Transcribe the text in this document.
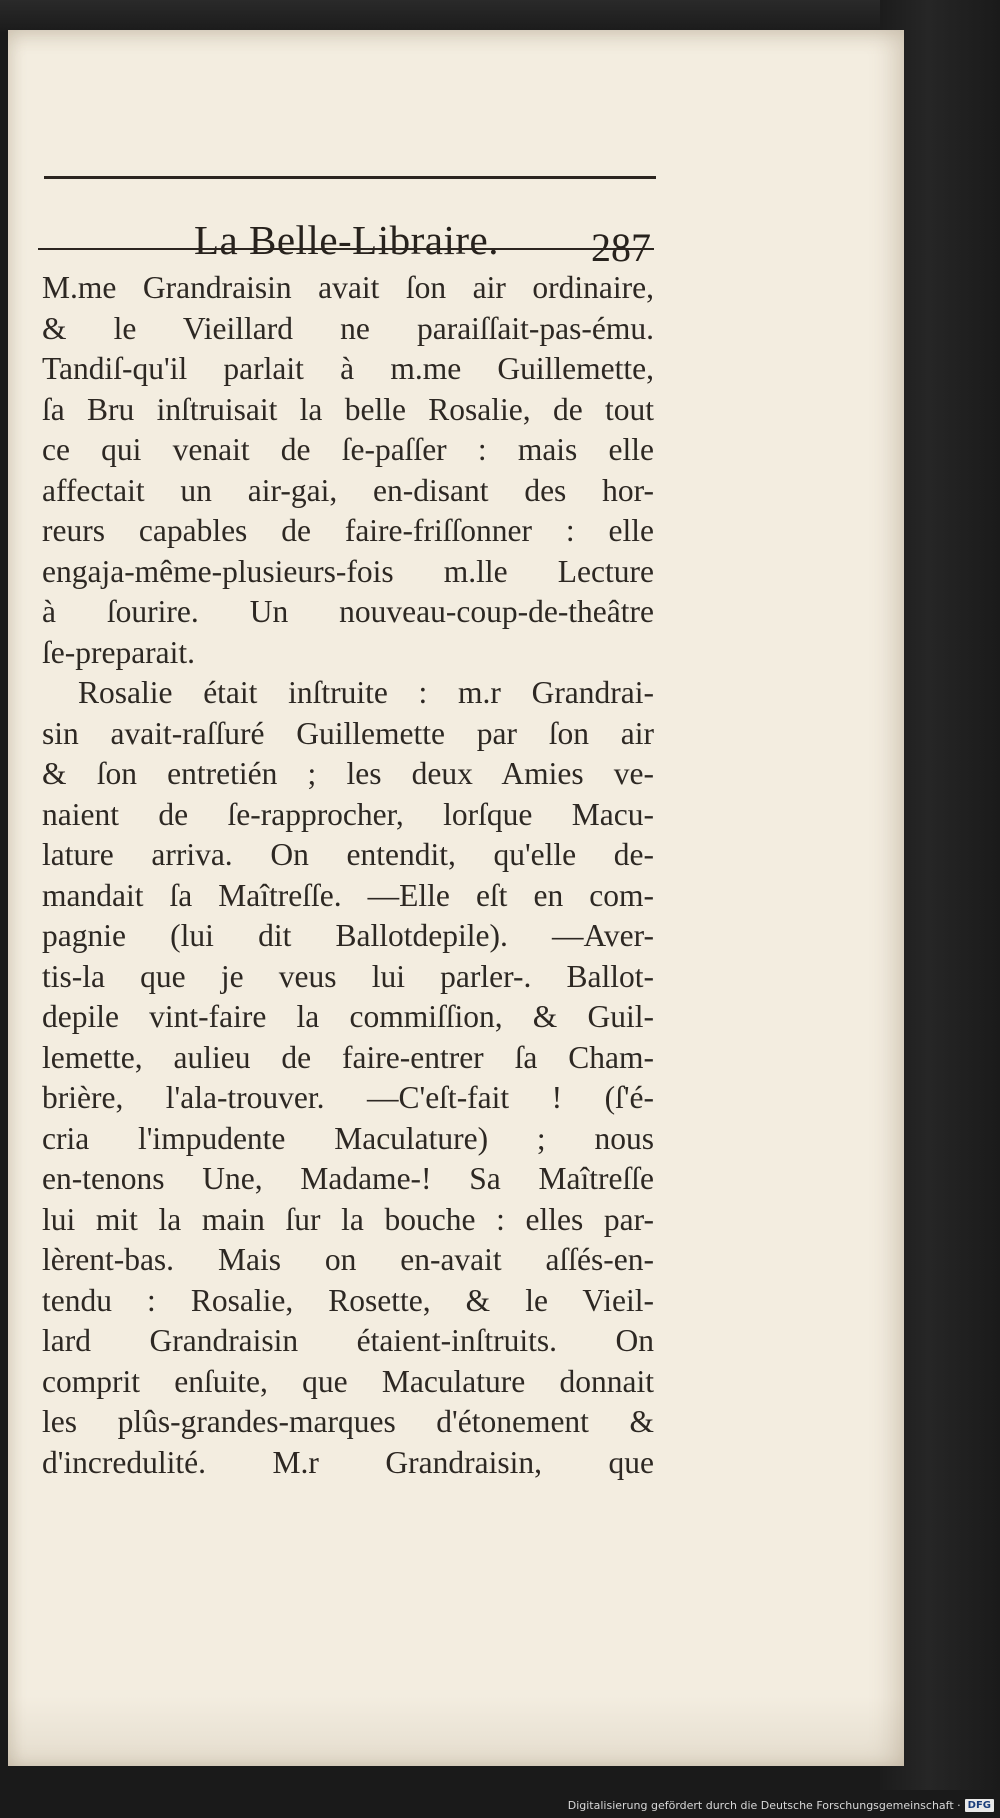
La Belle-Libraire. 287
M.me Grandraisin avait ſon air ordinaire,
& le Vieillard ne paraiſſait-pas-ému.
Tandiſ-qu'il parlait à m.me Guillemette,
ſa Bru inſtruisait la belle Rosalie, de tout
ce qui venait de ſe-paſſer : mais elle
affectait un air-gai, en-disant des hor-
reurs capables de faire-friſſonner : elle
engaja-même-plusieurs-fois m.lle Lecture
à ſourire. Un nouveau-coup-de-theâtre
ſe-preparait.
Rosalie était inſtruite : m.r Grandrai-
sin avait-raſſuré Guillemette par ſon air
& ſon entretién ; les deux Amies ve-
naient de ſe-rapprocher, lorſque Macu-
lature arriva. On entendit, qu'elle de-
mandait ſa Maîtreſſe. —Elle eſt en com-
pagnie (lui dit Ballotdepile). —Aver-
tis-la que je veus lui parler-. Ballot-
depile vint-faire la commiſſion, & Guil-
lemette, aulieu de faire-entrer ſa Cham-
brière, l'ala-trouver. —C'eſt-fait ! (ſ'é-
cria l'impudente Maculature) ; nous
en-tenons Une, Madame-! Sa Maîtreſſe
lui mit la main ſur la bouche : elles par-
lèrent-bas. Mais on en-avait aſſés-en-
tendu : Rosalie, Rosette, & le Vieil-
lard Grandraisin étaient-inſtruits. On
comprit enſuite, que Maculature donnait
les plûs-grandes-marques d'étonement &
d'incredulité. M.r Grandraisin, que
Digitalisierung gefördert durch die Deutsche Forschungsgemeinschaft · DFG
